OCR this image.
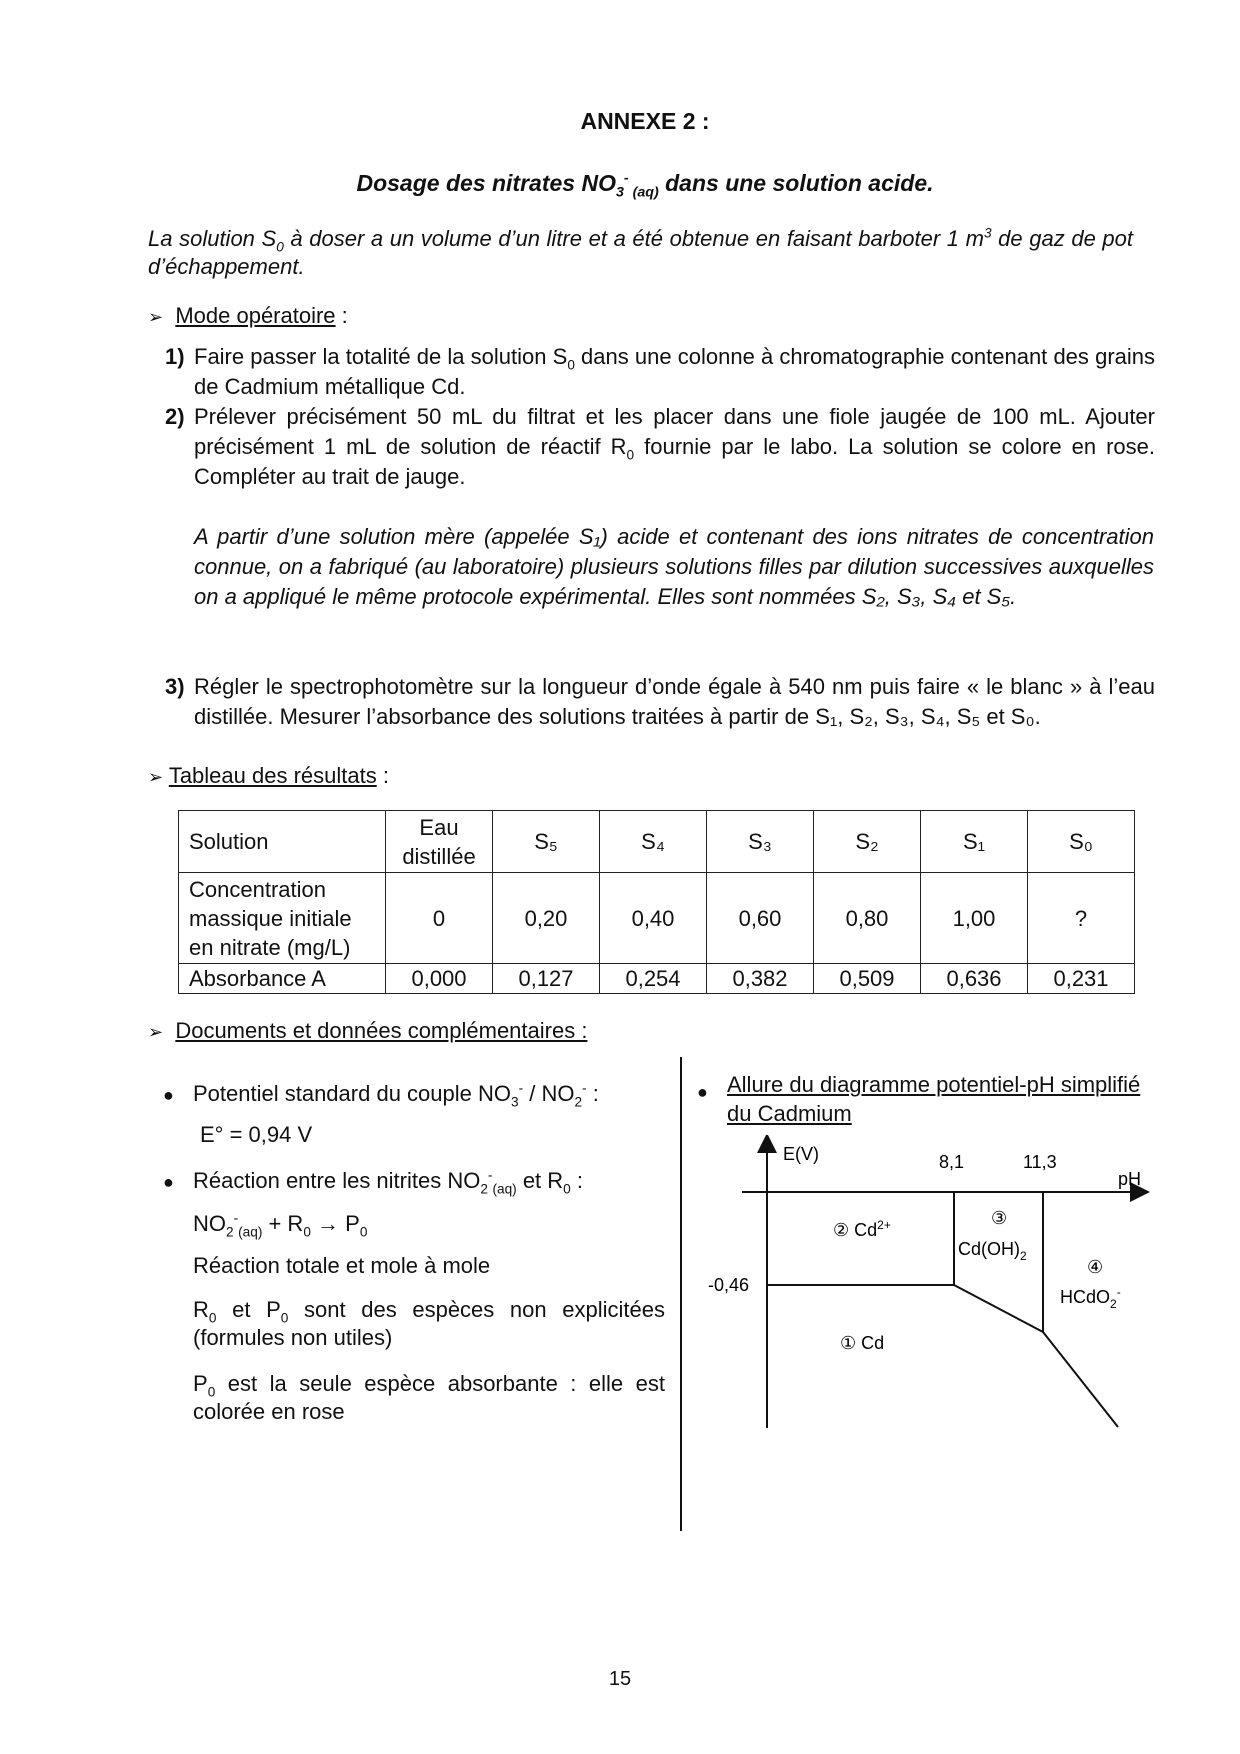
ANNEXE 2 :
Dosage des nitrates $NO_3^-$ $_{(aq)}$ dans une solution acide.
La solution $S_0$ à doser a un volume d’un litre et a été obtenue en faisant barboter 1 $m^3$ de gaz de pot d’échappement.
➢ Mode opératoire :
1) Faire passer la totalité de la solution $S_0$ dans une colonne à chromatographie contenant des grains de Cadmium métallique Cd.
2) Prélever précisément 50 mL du filtrat et les placer dans une fiole jaugée de 100 mL. Ajouter précisément 1 mL de solution de réactif $R_0$ fournie par le labo. La solution se colore en rose. Compléter au trait de jauge.
A partir d’une solution mère (appelée S₁) acide et contenant des ions nitrates de concentration connue, on a fabriqué (au laboratoire) plusieurs solutions filles par dilution successives auxquelles on a appliqué le même protocole expérimental. Elles sont nommées S₂, S₃, S₄ et S₅.
3) Régler le spectrophotomètre sur la longueur d’onde égale à 540 nm puis faire « le blanc » à l’eau distillée. Mesurer l’absorbance des solutions traitées à partir de S₁, S₂, S₃, S₄, S₅ et S₀.
➢ Tableau des résultats :
Solution	Eau distillée	S₅	S₄	S₃	S₂	S₁	S₀
Concentration massique initiale en nitrate (mg/L)	0	0,20	0,40	0,60	0,80	1,00	?
Absorbance A	0,000	0,127	0,254	0,382	0,509	0,636	0,231
➢ Documents et données complémentaires :
● Potentiel standard du couple $NO_3^- / NO_2^-$ :
E° = 0,94 V
● Réaction entre les nitrites $NO_2^-_{(aq)}$ et $R_0$ :
$NO_2^-_{(aq)} + R_0 \to P_0$
Réaction totale et mole à mole
$R_0$ et $P_0$ sont des espèces non explicitées (formules non utiles)
$P_0$ est la seule espèce absorbante : elle est colorée en rose
● Allure du diagramme potentiel-pH simplifié du Cadmium
E(V)
pH
8,1	11,3
-0,46
② $Cd^{2+}$	③
$Cd(OH)_2$
④
HCdO$_2$-
① Cd
15
